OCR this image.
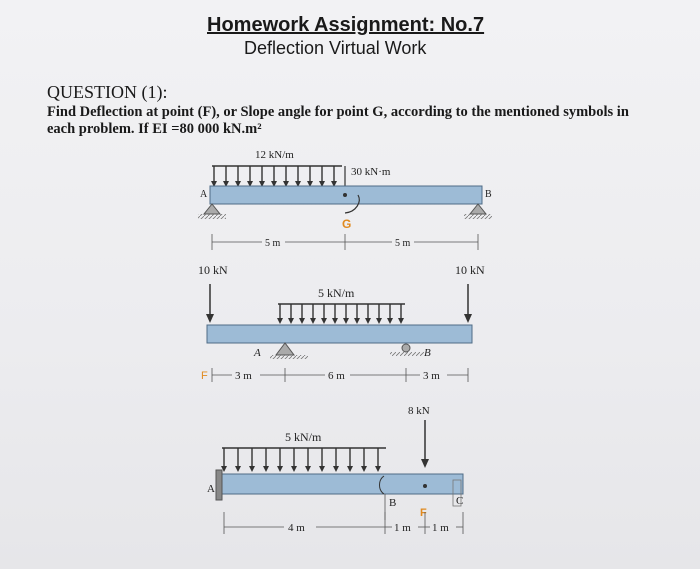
Homework Assignment: No.7
Deflection Virtual Work
QUESTION (1):
Find Deflection at point (F), or Slope angle for point G, according to the mentioned symbols in
each problem. If EI =80 000 kN.m²
12 kN/m
30 kN·m
A	B
G
5 m	5 m
10 kN	10 kN
5 kN/m
A	B
F 3 m	6 m	3 m
8 kN
5 kN/m
A
B
F
C
4 m	1 m 1 m
